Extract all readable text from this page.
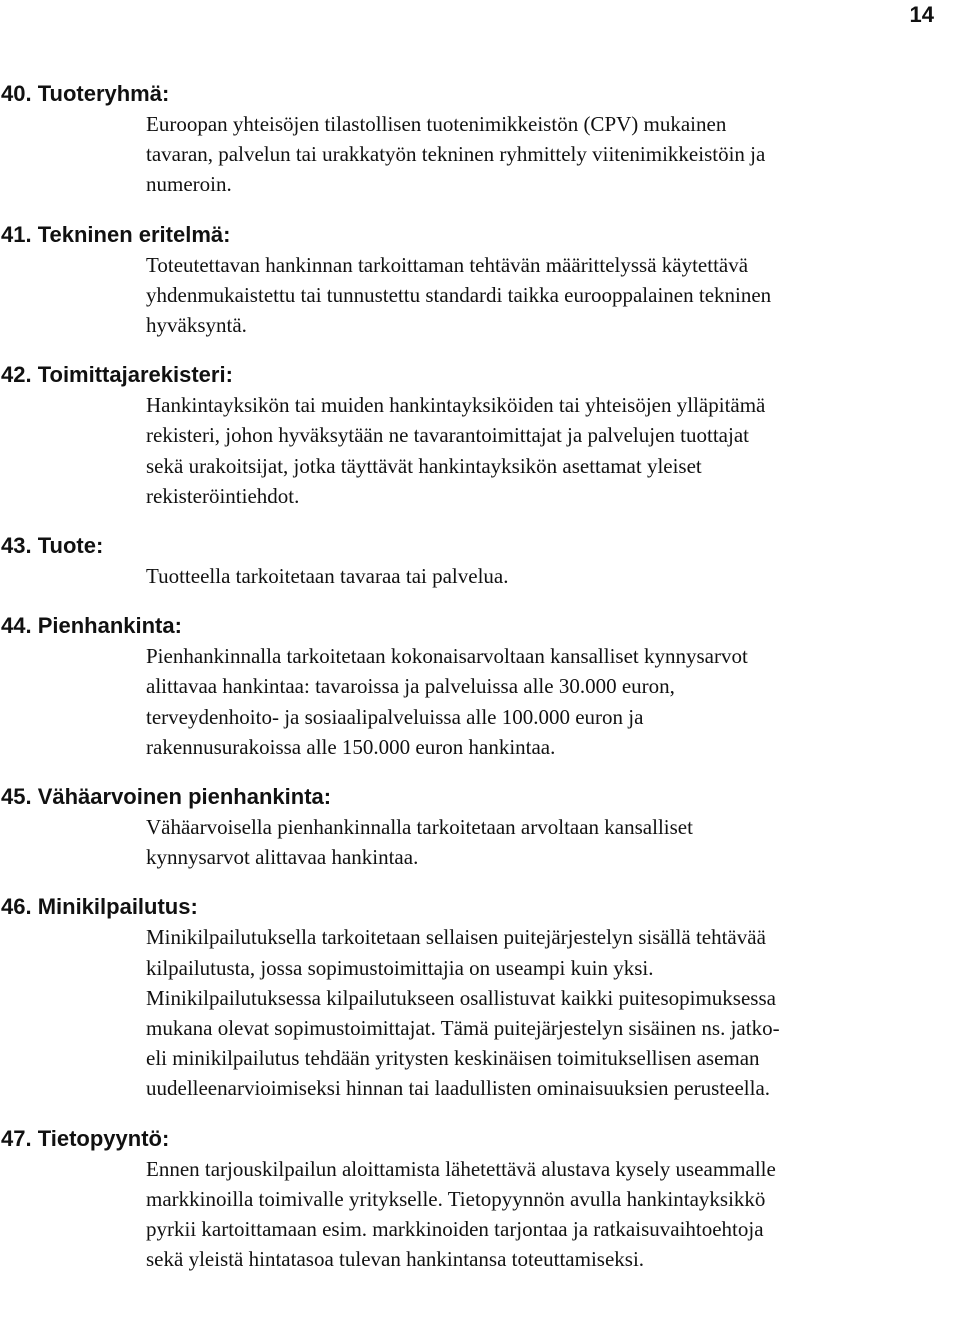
14
40. Tuoteryhmä:
Euroopan yhteisöjen tilastollisen tuotenimikkeistön (CPV) mukainen
tavaran, palvelun tai urakkatyön tekninen ryhmittely viitenimikkeistöin ja
numeroin.
41. Tekninen eritelmä:
Toteutettavan hankinnan tarkoittaman tehtävän määrittelyssä käytettävä
yhdenmukaistettu tai tunnustettu standardi taikka eurooppalainen tekninen
hyväksyntä.
42. Toimittajarekisteri:
Hankintayksikön tai muiden hankintayksiköiden tai yhteisöjen ylläpitämä
rekisteri, johon hyväksytään ne tavarantoimittajat ja palvelujen tuottajat
sekä urakoitsijat, jotka täyttävät hankintayksikön asettamat yleiset
rekisteröintiehdot.
43. Tuote:
Tuotteella tarkoitetaan tavaraa tai palvelua.
44. Pienhankinta:
Pienhankinnalla tarkoitetaan kokonaisarvoltaan kansalliset kynnysarvot
alittavaa hankintaa: tavaroissa ja palveluissa alle 30.000 euron,
terveydenhoito- ja sosiaalipalveluissa alle 100.000 euron ja
rakennusurakoissa alle 150.000 euron hankintaa.
45. Vähäarvoinen pienhankinta:
Vähäarvoisella pienhankinnalla tarkoitetaan arvoltaan kansalliset
kynnysarvot alittavaa hankintaa.
46. Minikilpailutus:
Minikilpailutuksella tarkoitetaan sellaisen puitejärjestelyn sisällä tehtävää
kilpailutusta, jossa sopimustoimittajia on useampi kuin yksi.
Minikilpailutuksessa kilpailutukseen osallistuvat kaikki puitesopimuksessa
mukana olevat sopimustoimittajat. Tämä puitejärjestelyn sisäinen ns. jatko-
eli minikilpailutus tehdään yritysten keskinäisen toimituksellisen aseman
uudelleenarvioimiseksi hinnan tai laadullisten ominaisuuksien perusteella.
47. Tietopyyntö:
Ennen tarjouskilpailun aloittamista lähetettävä alustava kysely useammalle
markkinoilla toimivalle yritykselle. Tietopyynnön avulla hankintayksikkö
pyrkii kartoittamaan esim. markkinoiden tarjontaa ja ratkaisuvaihtoehtoja
sekä yleistä hintatasoa tulevan hankintansa toteuttamiseksi.
